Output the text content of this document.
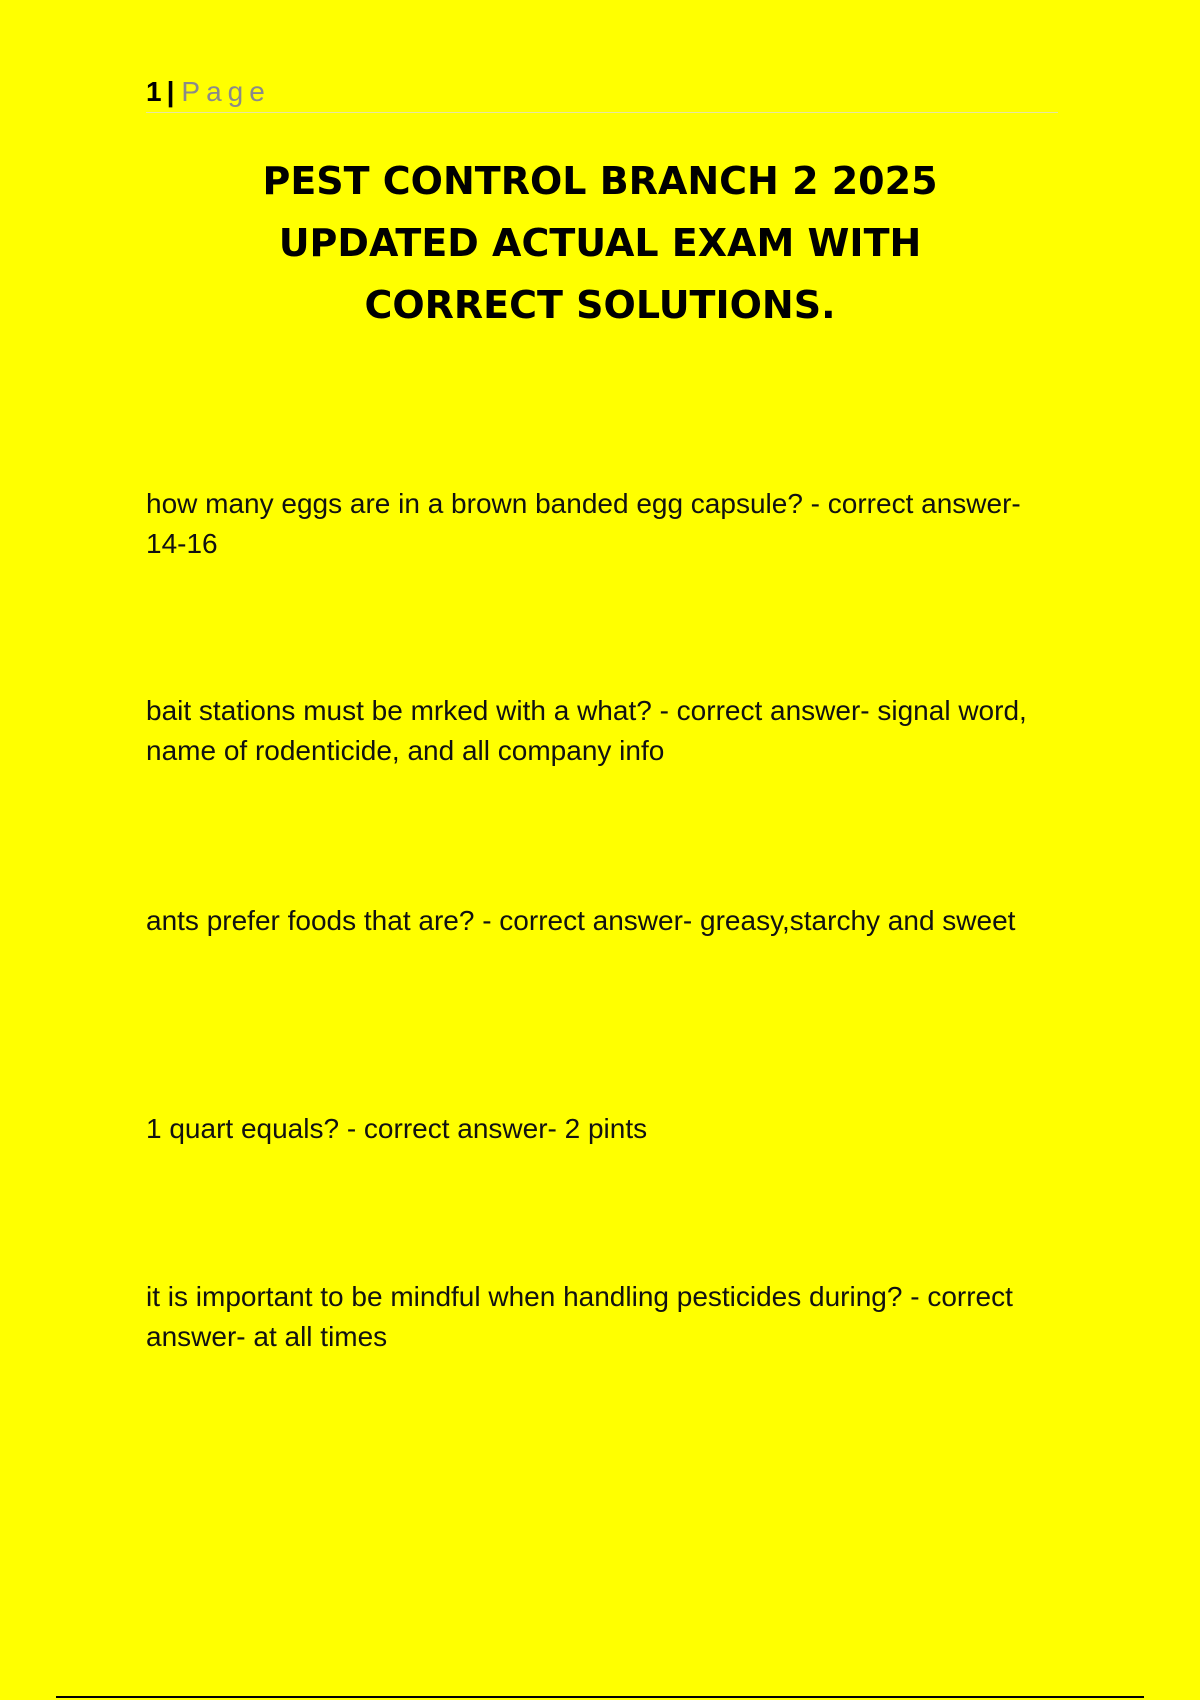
1 | Page
PEST CONTROL BRANCH 2 2025
UPDATED ACTUAL EXAM WITH
CORRECT SOLUTIONS.
how many eggs are in a brown banded egg capsule? - correct answer- 14-16
bait stations must be mrked with a what? - correct answer- signal word, name of rodenticide, and all company info
ants prefer foods that are? - correct answer- greasy,starchy and sweet
1 quart equals? - correct answer- 2 pints
it is important to be mindful when handling pesticides during? - correct answer- at all times
